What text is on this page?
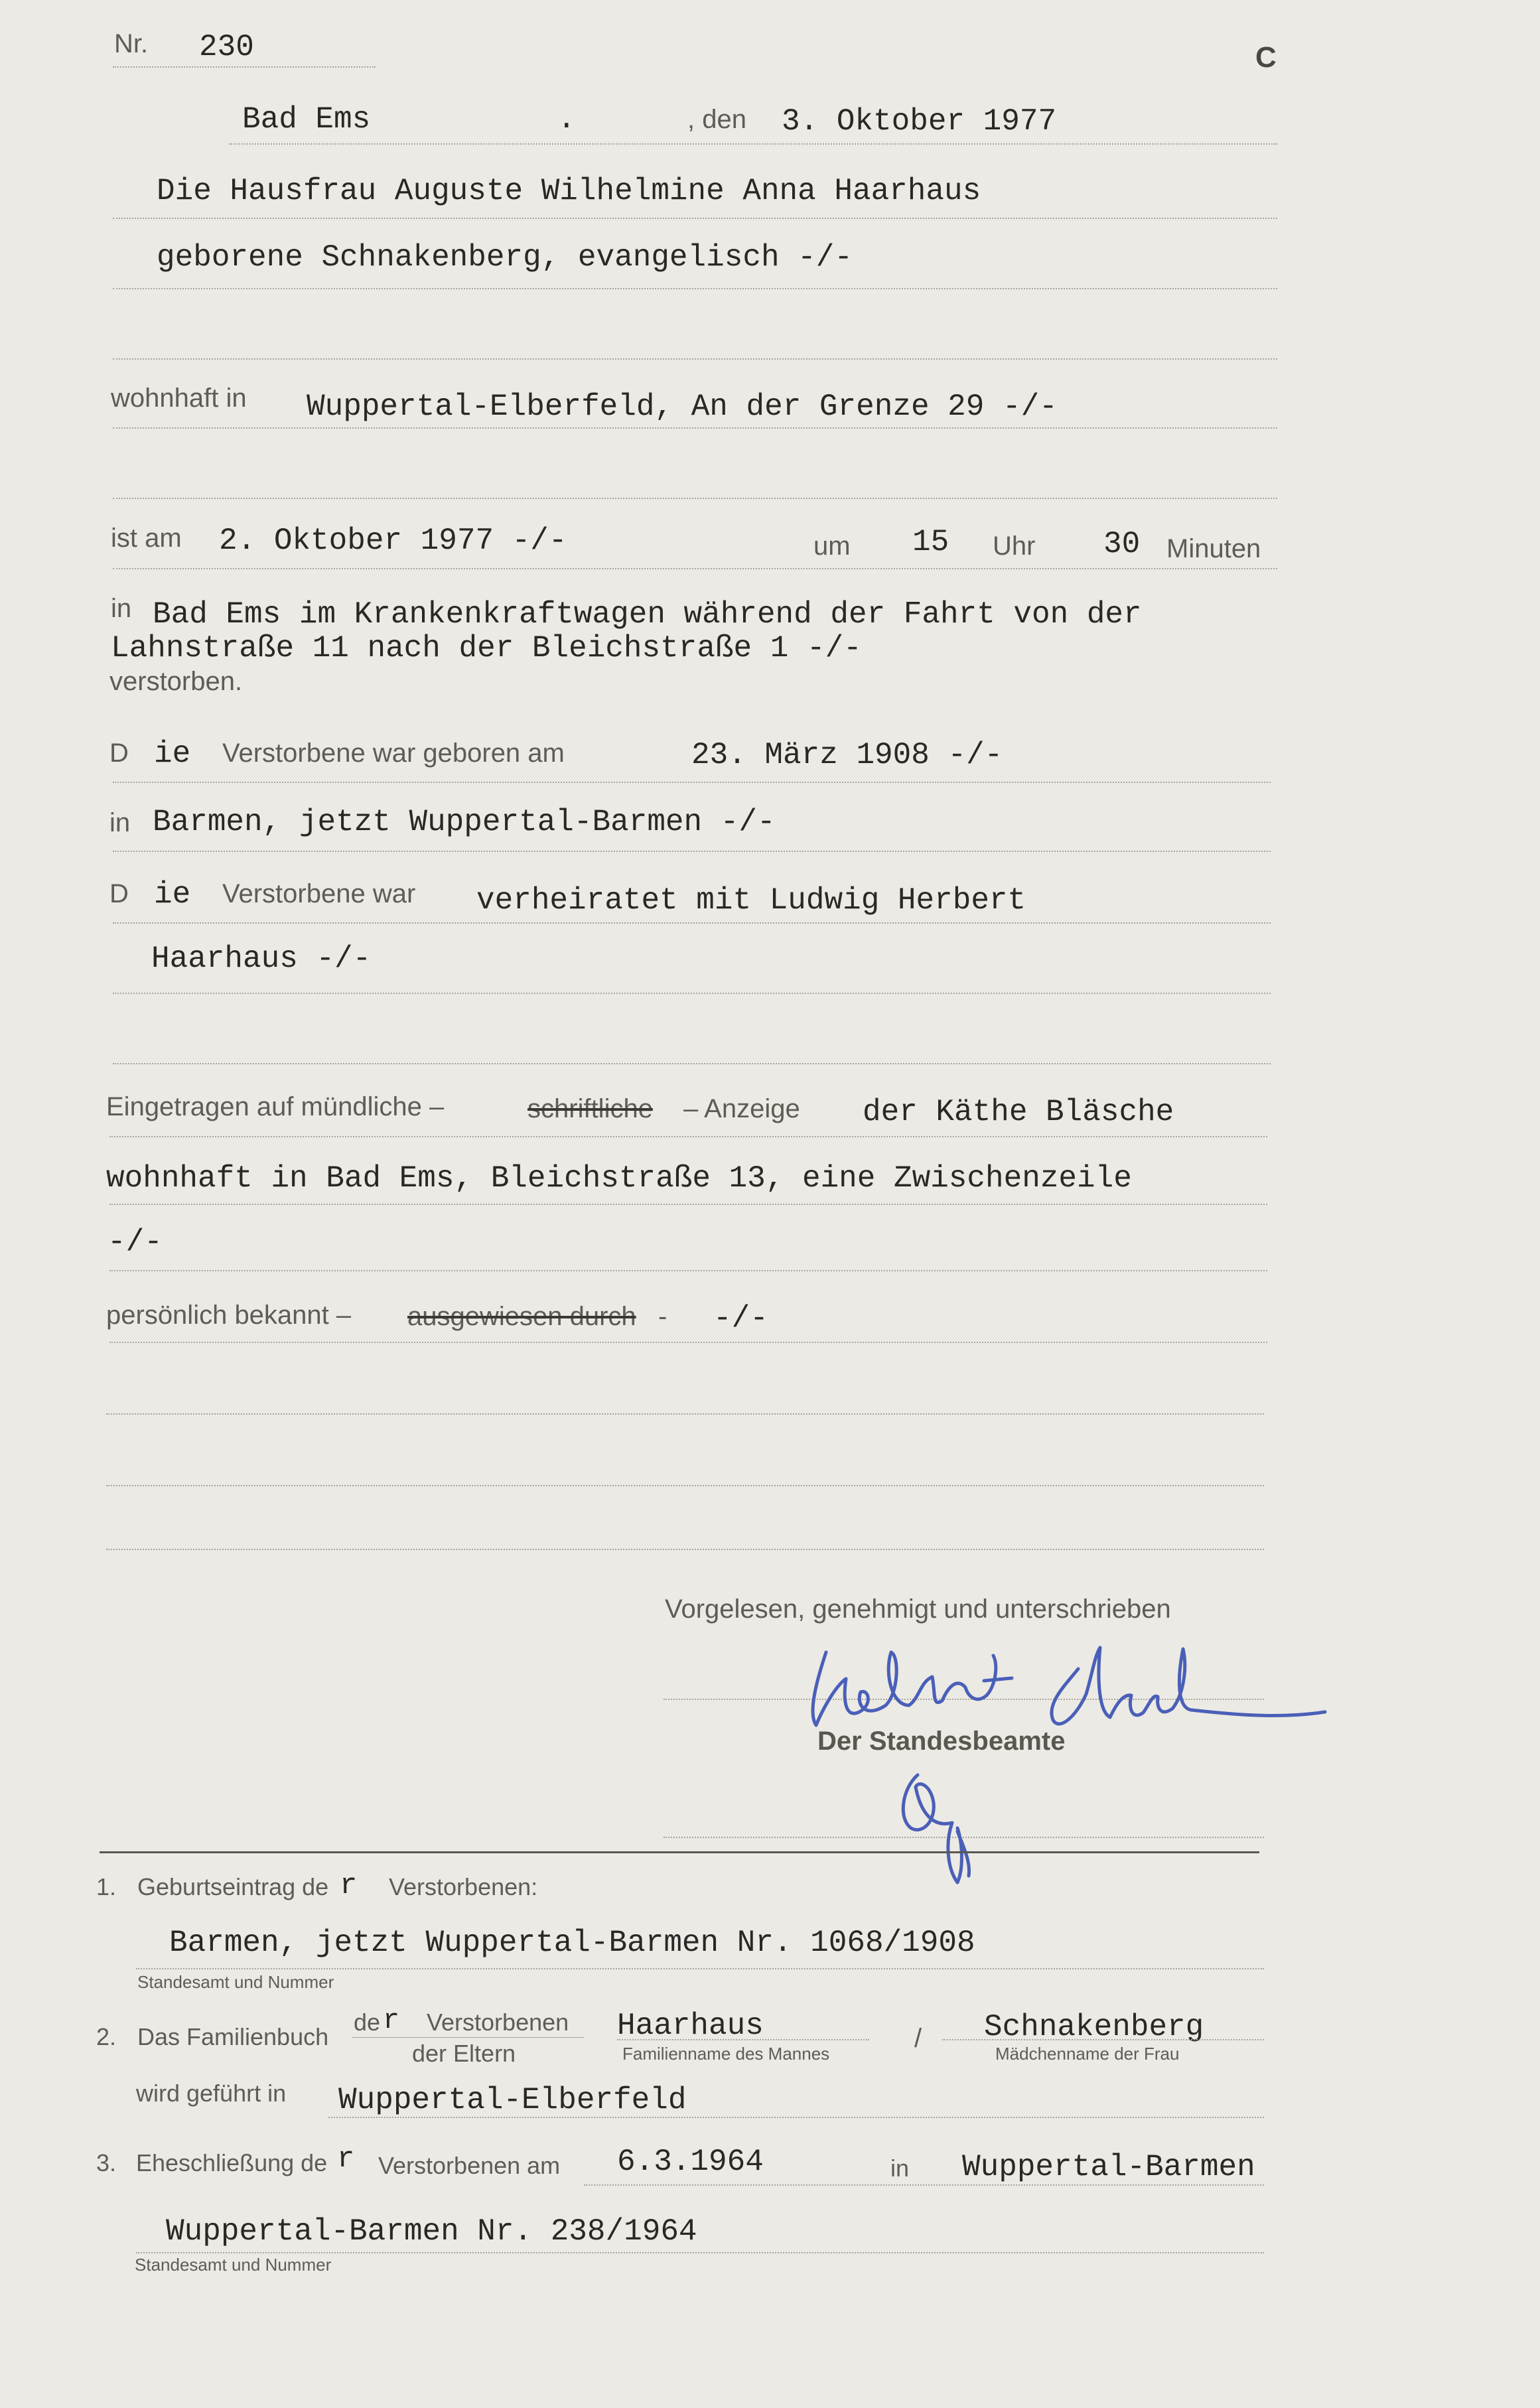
Nr. 230	C
Bad Ems	.	, den 3. Oktober 1977
Die Hausfrau Auguste Wilhelmine Anna Haarhaus
geborene Schnakenberg, evangelisch -/-
wohnhaft in Wuppertal-Elberfeld, An der Grenze 29 -/-
ist am 2. Oktober 1977 -/-	um 15 Uhr 30 Minuten
in Bad Ems im Krankenkraftwagen während der Fahrt von der
Lahnstraße 11 nach der Bleichstraße 1 -/-
verstorben.
D ie Verstorbene war geboren am	23. März 1908 -/-
in Barmen, jetzt Wuppertal-Barmen -/-
D ie Verstorbene war verheiratet mit Ludwig Herbert
Haarhaus -/-
Eingetragen auf mündliche –	schriftliche – Anzeige der Käthe Bläsche
wohnhaft in Bad Ems, Bleichstraße 13, eine Zwischenzeile
-/-
persönlich bekannt – ausgewiesen durch - -/-
Vorgelesen, genehmigt und unterschrieben
Der Standesbeamte
1. Geburtseintrag de r Verstorbenen:
Barmen, jetzt Wuppertal-Barmen Nr. 1068/1908
Standesamt und Nummer
2. Das Familienbuch
de r Verstorbenen
der Eltern
Haarhaus
Familienname des Mannes
/ Schnakenberg
Mädchenname der Frau
wird geführt in Wuppertal-Elberfeld
3. Eheschließung de r Verstorbenen am 6.3.1964	in Wuppertal-Barmen
Wuppertal-Barmen Nr. 238/1964
Standesamt und Nummer
